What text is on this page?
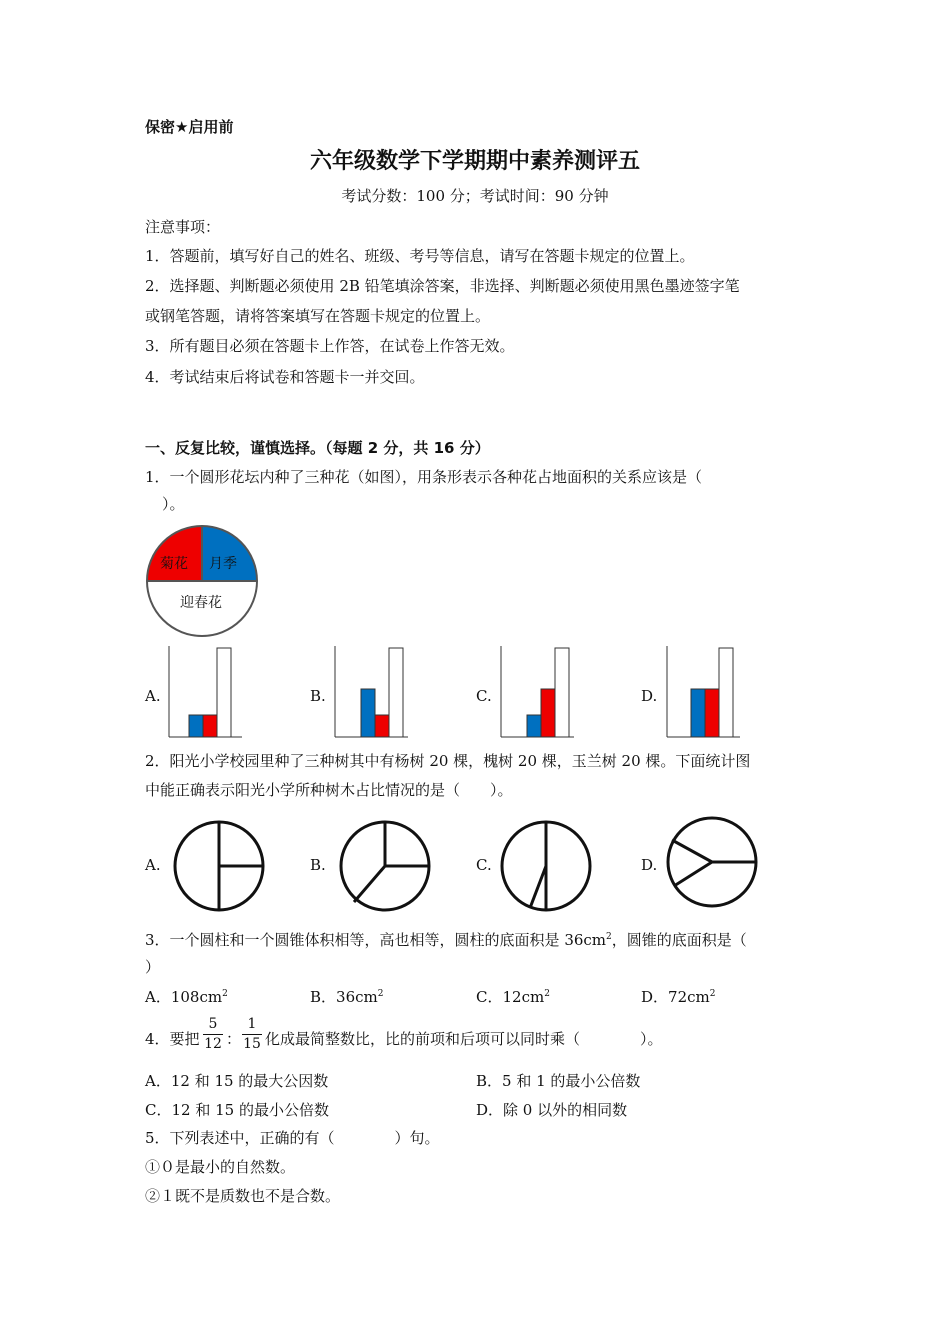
保密★启用前
六年级数学下学期期中素养测评五
考试分数：100 分；考试时间：90 分钟
注意事项：
1．答题前，填写好自己的姓名、班级、考号等信息，请写在答题卡规定的位置上。
2．选择题、判断题必须使用 2B 铅笔填涂答案，非选择、判断题必须使用黑色墨迹签字笔
或钢笔答题，请将答案填写在答题卡规定的位置上。
3．所有题目必须在答题卡上作答，在试卷上作答无效。
4．考试结束后将试卷和答题卡一并交回。
一、反复比较，谨慎选择。（每题 2 分，共 16 分）
1．一个圆形花坛内种了三种花（如图），用条形表示各种花占地面积的关系应该是（
）。
菊花 月季
迎春花
A.	B.	C.	D.
2．阳光小学校园里种了三种树其中有杨树 20 棵，槐树 20 棵，玉兰树 20 棵。下面统计图
中能正确表示阳光小学所种树木占比情况的是（　　）。
A.	B.	C.	D.
3．一个圆柱和一个圆锥体积相等，高也相等，圆柱的底面积是 $36cm^2$，圆锥的底面积是（
）
A．$108cm^2$	B．$36cm^2$	C．$12cm^2$	D．$72cm^2$
4．要把
5
12 ：
1
15 化成最简整数比，比的前项和后项可以同时乘（　　　　）。
A．12 和 15 的最大公因数	B．5 和 1 的最小公倍数
C．12 和 15 的最小公倍数	D．除 0 以外的相同数
5．下列表述中，正确的有（　　　　）句。
①０是最小的自然数。
②１既不是质数也不是合数。
